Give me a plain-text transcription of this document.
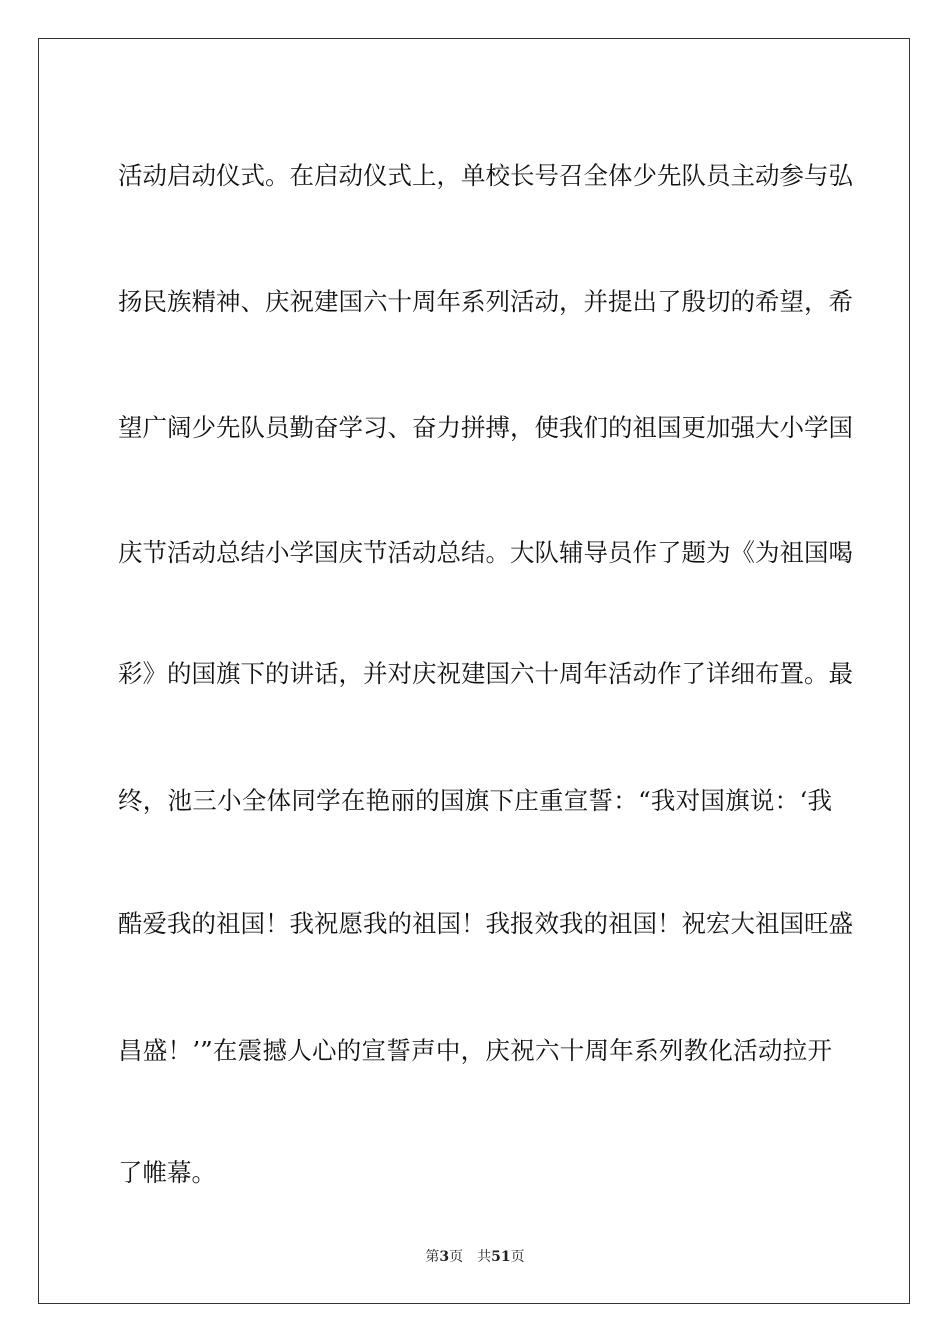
活动启动仪式。在启动仪式上，单校长号召全体少先队员主动参与弘

扬民族精神、庆祝建国六十周年系列活动，并提出了殷切的希望，希

望广阔少先队员勤奋学习、奋力拼搏，使我们的祖国更加强大小学国

庆节活动总结小学国庆节活动总结。大队辅导员作了题为《为祖国喝

彩》的国旗下的讲话，并对庆祝建国六十周年活动作了详细布置。最

终，池三小全体同学在艳丽的国旗下庄重宣誓：“我对国旗说：‘我

酷爱我的祖国！我祝愿我的祖国！我报效我的祖国！祝宏大祖国旺盛

昌盛！’”在震撼人心的宣誓声中，庆祝六十周年系列教化活动拉开

了帷幕。

第3页 共51页
